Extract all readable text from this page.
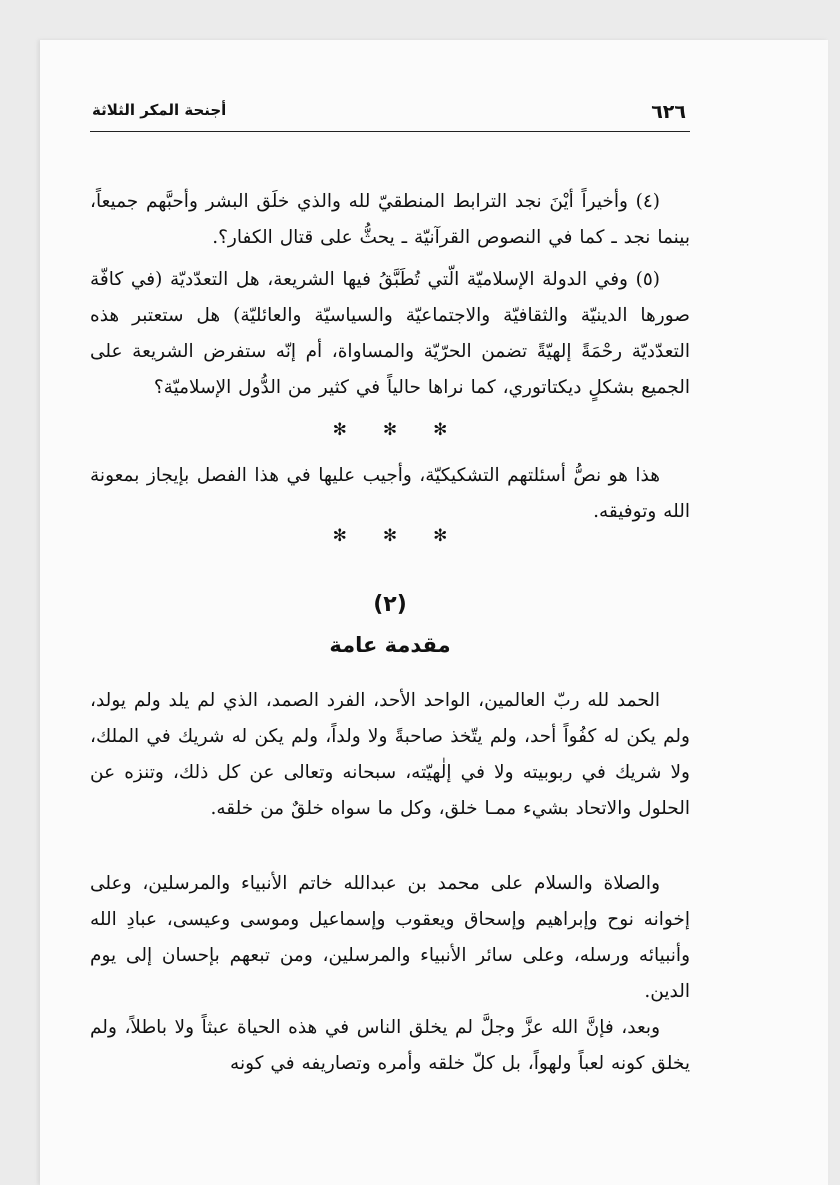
٦٢٦
أجنحة المكر الثلاثة

(٤) وأخيراً أيْنَ نجد الترابط المنطقيّ لله والذي خلَق البشر وأحبَّهم جميعاً، بينما نجد ـ كما في النصوص القرآنيّة ـ يحثُّ على قتال الكفار؟.

(٥) وفي الدولة الإسلاميّة الّتي تُطَبَّقُ فيها الشريعة، هل التعدّديّة (في كافّة صورها الدينيّة والثقافيّة والاجتماعيّة والسياسيّة والعائليّة) هل ستعتبر هذه التعدّديّة رحْمَةً إلهيّةً تضمن الحرّيّة والمساواة، أم إنّه ستفرض الشريعة على الجميع بشكلٍ ديكتاتوري، كما نراها حالياً في كثير من الدُّول الإسلاميّة؟

✻✻✻

هذا هو نصُّ أسئلتهم التشكيكيّة، وأجيب عليها في هذا الفصل بإيجاز بمعونة الله وتوفيقه.

✻✻✻
(٢)
مقدمة عامة

الحمد لله ربّ العالمين، الواحد الأحد، الفرد الصمد، الذي لم يلد ولم يولد، ولم يكن له كفُواً أحد، ولم يتّخذ صاحبةً ولا ولداً، ولم يكن له شريك في الملك، ولا شريك في ربوبيته ولا في إلٰهيّته، سبحانه وتعالى عن كل ذلك، وتنزه عن الحلول والاتحاد بشيء ممـا خلق، وكل ما سواه خلقٌ من خلقه.

والصلاة والسلام على محمد بن عبدالله خاتم الأنبياء والمرسلين، وعلى إخوانه نوح وإبراهيم وإسحاق ويعقوب وإسماعيل وموسى وعيسى، عبادِ الله وأنبيائه ورسله، وعلى سائر الأنبياء والمرسلين، ومن تبعهم بإحسان إلى يوم الدين.

وبعد، فإنَّ الله عزَّ وجلَّ لم يخلق الناس في هذه الحياة عبثاً ولا باطلاً، ولم يخلق كونه لعباً ولهواً، بل كلّ خلقه وأمره وتصاريفه في كونه
